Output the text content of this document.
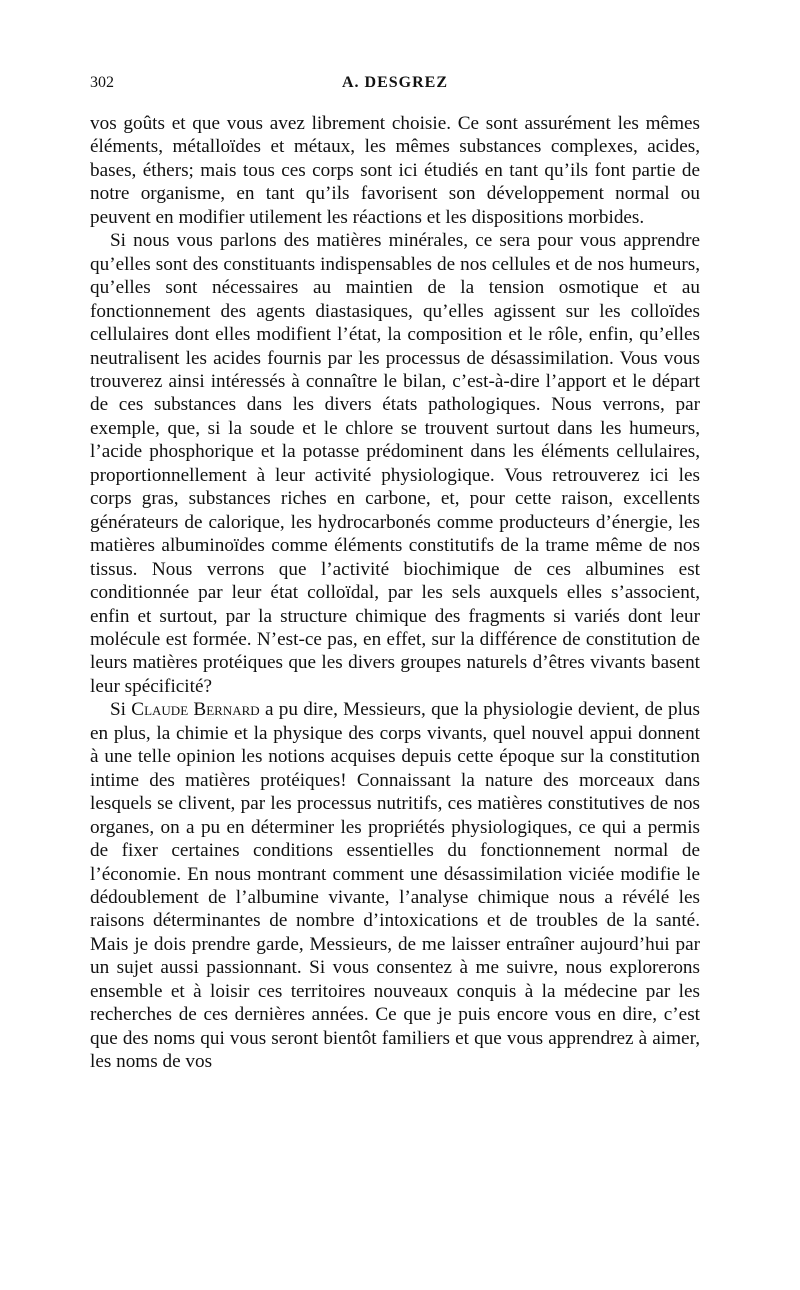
302	A. DESGREZ

vos goûts et que vous avez librement choisie. Ce sont assurément les mêmes éléments, métalloïdes et métaux, les mêmes substances complexes, acides, bases, éthers; mais tous ces corps sont ici étudiés en tant qu’ils font partie de notre organisme, en tant qu’ils favorisent son développement normal ou peuvent en modifier utilement les réactions et les dispositions morbides.

Si nous vous parlons des matières minérales, ce sera pour vous apprendre qu’elles sont des constituants indispensables de nos cellules et de nos humeurs, qu’elles sont nécessaires au maintien de la tension osmotique et au fonctionnement des agents diastasiques, qu’elles agissent sur les colloïdes cellulaires dont elles modifient l’état, la composition et le rôle, enfin, qu’elles neutralisent les acides fournis par les processus de désassimilation. Vous vous trouverez ainsi intéressés à connaître le bilan, c’est-à-dire l’apport et le départ de ces substances dans les divers états pathologiques. Nous verrons, par exemple, que, si la soude et le chlore se trouvent surtout dans les humeurs, l’acide phosphorique et la potasse prédominent dans les éléments cellulaires, proportionnellement à leur activité physiologique. Vous retrouverez ici les corps gras, substances riches en carbone, et, pour cette raison, excellents générateurs de calorique, les hydrocarbonés comme producteurs d’énergie, les matières albuminoïdes comme éléments constitutifs de la trame même de nos tissus. Nous verrons que l’activité biochimique de ces albumines est conditionnée par leur état colloïdal, par les sels auxquels elles s’associent, enfin et surtout, par la structure chimique des fragments si variés dont leur molécule est formée. N’est-ce pas, en effet, sur la différence de constitution de leurs matières protéiques que les divers groupes naturels d’êtres vivants basent leur spécificité?

Si Claude Bernard a pu dire, Messieurs, que la physiologie devient, de plus en plus, la chimie et la physique des corps vivants, quel nouvel appui donnent à une telle opinion les notions acquises depuis cette époque sur la constitution intime des matières protéiques! Connaissant la nature des morceaux dans lesquels se clivent, par les processus nutritifs, ces matières constitutives de nos organes, on a pu en déterminer les propriétés physiologiques, ce qui a permis de fixer certaines conditions essentielles du fonctionnement normal de l’économie. En nous montrant comment une désassimilation viciée modifie le dédoublement de l’albumine vivante, l’analyse chimique nous a révélé les raisons déterminantes de nombre d’intoxications et de troubles de la santé. Mais je dois prendre garde, Messieurs, de me laisser entraîner aujourd’hui par un sujet aussi passionnant. Si vous consentez à me suivre, nous explorerons ensemble et à loisir ces territoires nouveaux conquis à la médecine par les recherches de ces dernières années. Ce que je puis encore vous en dire, c’est que des noms qui vous seront bientôt familiers et que vous apprendrez à aimer, les noms de vos
